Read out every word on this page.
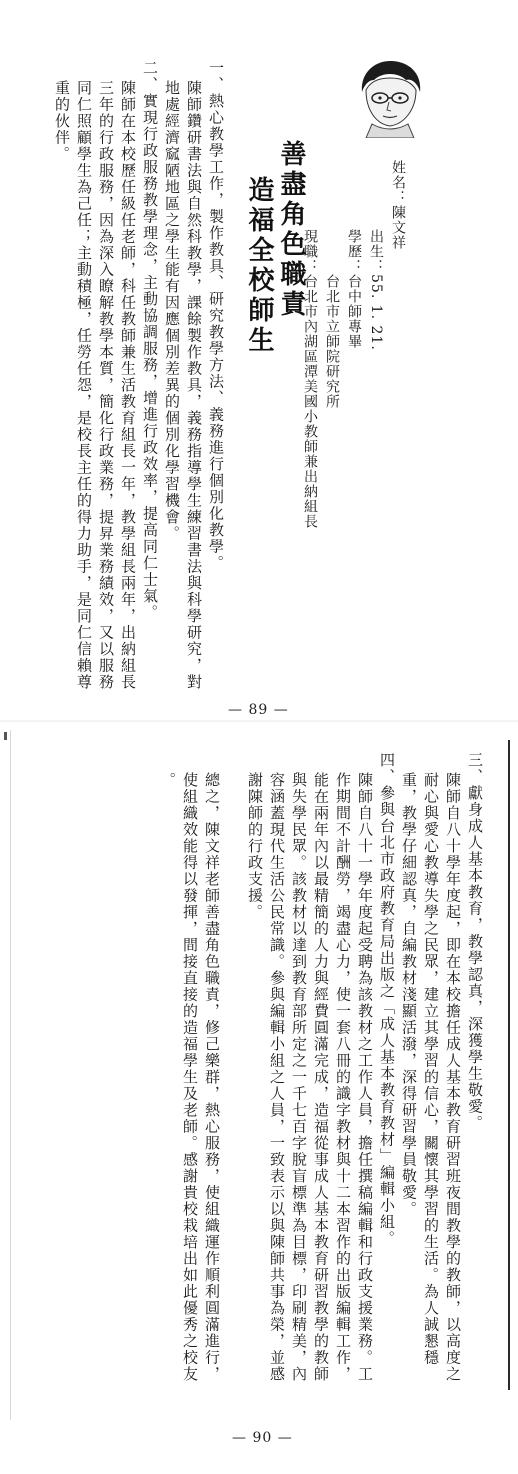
姓名：陳文祥
出生：55. 1. 21.
學歷：台中師專畢
　　　台北市立師院研究所
現職：台北市內湖區潭美國小教師兼出納組長
善盡角色職責
造福全校師生
一、熱心教學工作，製作教具、研究教學方法、義務進行個別化教學。
陳師鑽研書法與自然科教學，課餘製作教具，義務指導學生練習書法與科學研究，對
地處經濟窳陋地區之學生能有因應個別差異的個別化學習機會。
二、實現行政服務教學理念，主動協調服務，增進行政效率，提高同仁士氣。
陳師在本校歷任級任老師，科任教師兼生活教育組長一年，教學組長兩年，出納組長
三年的行政服務，因為深入瞭解教學本質，簡化行政業務，提昇業務績效，又以服務
同仁照顧學生為己任；主動積極，任勞任怨，是校長主任的得力助手，是同仁信賴尊
重的伙伴。
— 89 —
三、獻身成人基本教育，教學認真，深獲學生敬愛。
陳師自八十學年度起，即在本校擔任成人基本教育研習班夜間教學的教師，以高度之
耐心與愛心教導失學之民眾，建立其學習的信心，關懷其學習的生活。為人誠懇穩
重，教學仔細認真，自編教材淺顯活潑，深得研習學員敬愛。
四、參與台北市政府教育局出版之「成人基本教育教材」編輯小組。
陳師自八十一學年度起受聘為該教材之工作人員，擔任撰稿編輯和行政支援業務。工
作期間不計酬勞，竭盡心力，使一套八冊的識字教材與十二本習作的出版編輯工作，
能在兩年內以最精簡的人力與經費圓滿完成，造福從事成人基本教育研習教學的教師
與失學民眾。該教材以達到教育部所定之一千七百字脫盲標準為目標，印刷精美，內
容涵蓋現代生活公民常識。參與編輯小組之人員，一致表示以與陳師共事為榮，並感
謝陳師的行政支援。
總之，陳文祥老師善盡角色職責，修己樂群，熱心服務，使組織運作順利圓滿進行，
使組織效能得以發揮，間接直接的造福學生及老師。感謝貴校栽培出如此優秀之校友
。
— 90 —
